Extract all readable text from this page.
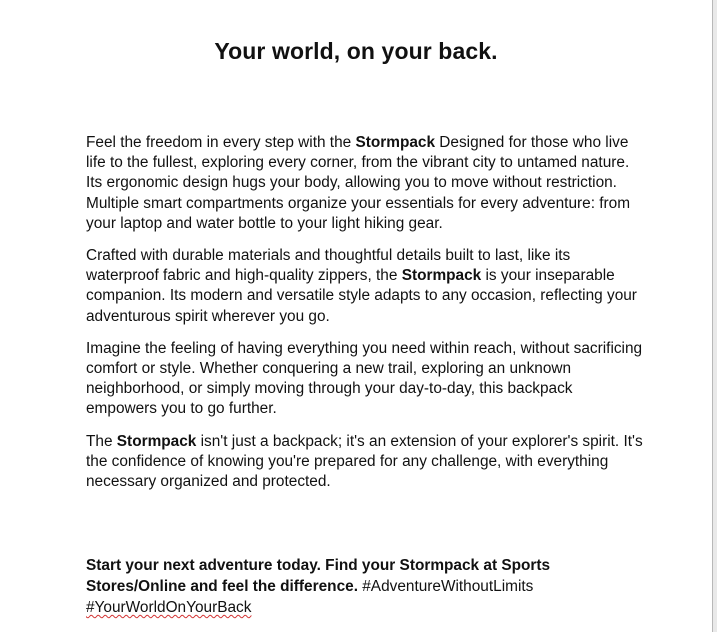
Your world, on your back.

Feel the freedom in every step with the Stormpack Designed for those who live life to the fullest, exploring every corner, from the vibrant city to untamed nature. Its ergonomic design hugs your body, allowing you to move without restriction. Multiple smart compartments organize your essentials for every adventure: from your laptop and water bottle to your light hiking gear.

Crafted with durable materials and thoughtful details built to last, like its waterproof fabric and high-quality zippers, the Stormpack is your inseparable companion. Its modern and versatile style adapts to any occasion, reflecting your adventurous spirit wherever you go.

Imagine the feeling of having everything you need within reach, without sacrificing comfort or style. Whether conquering a new trail, exploring an unknown neighborhood, or simply moving through your day-to-day, this backpack empowers you to go further.

The Stormpack isn't just a backpack; it's an extension of your explorer's spirit. It's the confidence of knowing you're prepared for any challenge, with everything necessary organized and protected.

Start your next adventure today. Find your Stormpack at Sports Stores/Online and feel the difference. #AdventureWithoutLimits
#YourWorldOnYourBack
